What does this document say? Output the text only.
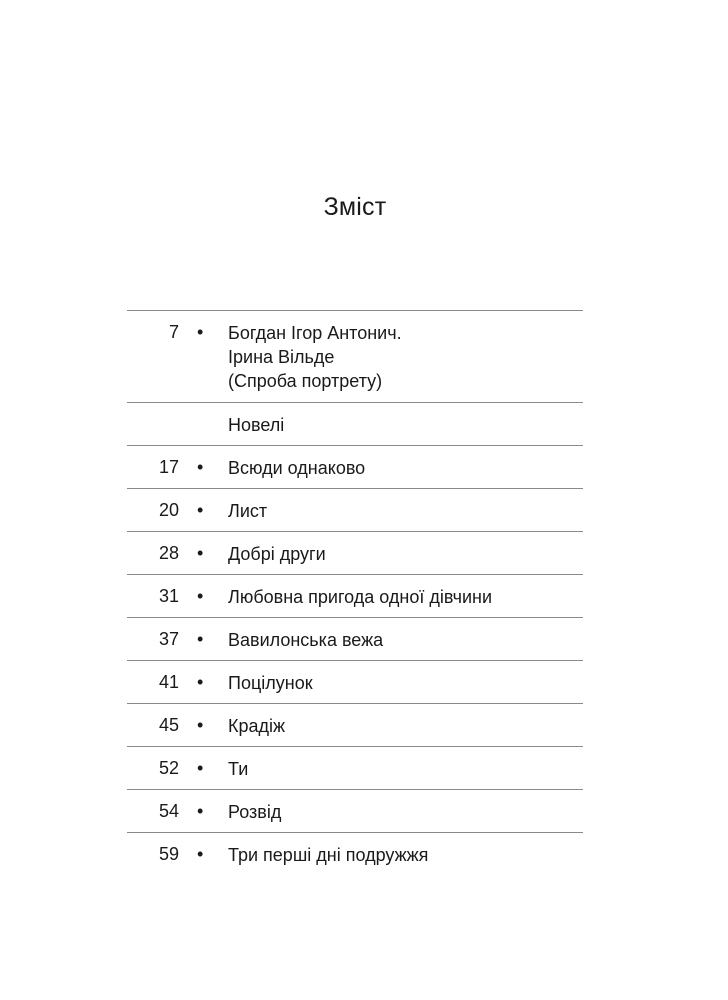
Зміст
7 • Богдан Ігор Антонич.
Ірина Вільде
(Спроба портрету)
Новелі
17 • Всюди однаково
20 • Лист
28 • Добрі други
31 • Любовна пригода одної дівчини
37 • Вавилонська вежа
41 • Поцілунок
45 • Крадіж
52 • Ти
54 • Розвід
59 • Три перші дні подружжя
